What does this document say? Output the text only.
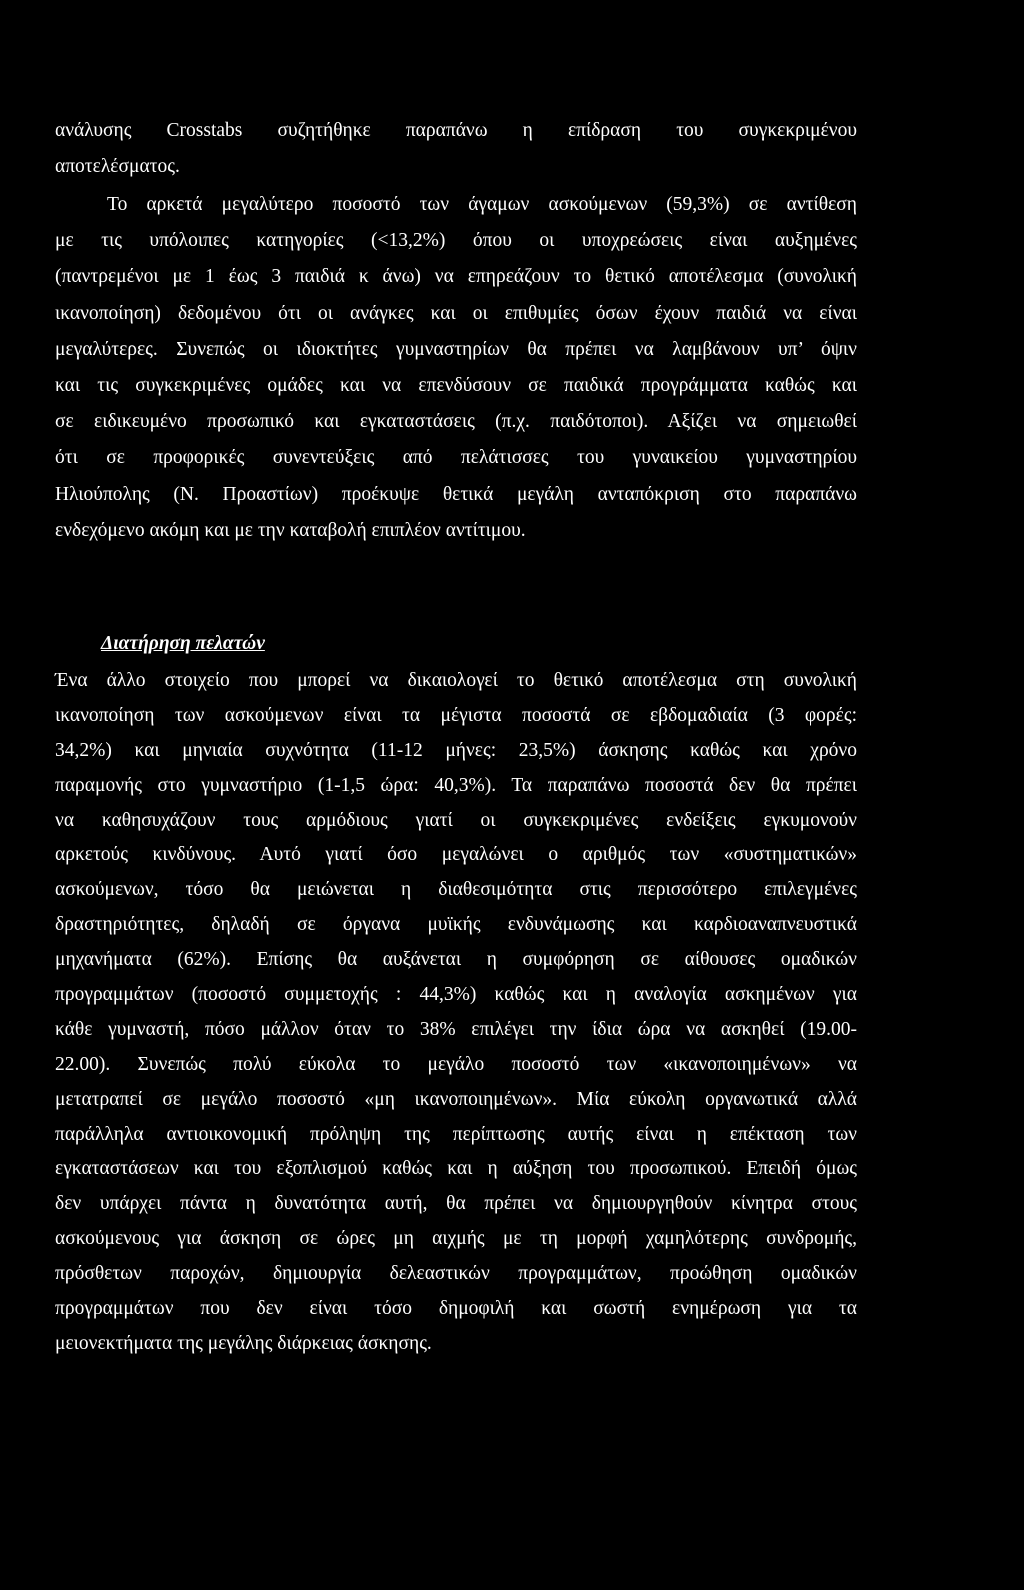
ανάλυσης Crosstabs συζητήθηκε παραπάνω η επίδραση του συγκεκριμένου
αποτελέσματος.
Το αρκετά μεγαλύτερο ποσοστό των άγαμων ασκούμενων (59,3%) σε αντίθεση
με τις υπόλοιπες κατηγορίες (<13,2%) όπου οι υποχρεώσεις είναι αυξημένες
(παντρεμένοι με 1 έως 3 παιδιά κ άνω) να επηρεάζουν το θετικό αποτέλεσμα (συνολική
ικανοποίηση) δεδομένου ότι οι ανάγκες και οι επιθυμίες όσων έχουν παιδιά να είναι
μεγαλύτερες. Συνεπώς οι ιδιοκτήτες γυμναστηρίων θα πρέπει να λαμβάνουν υπ’ όψιν
και τις συγκεκριμένες ομάδες και να επενδύσουν σε παιδικά προγράμματα καθώς και
σε ειδικευμένο προσωπικό και εγκαταστάσεις (π.χ. παιδότοποι). Αξίζει να σημειωθεί
ότι σε προφορικές συνεντεύξεις από πελάτισσες του γυναικείου γυμναστηρίου
Ηλιούπολης (Ν. Προαστίων) προέκυψε θετικά μεγάλη ανταπόκριση στο παραπάνω
ενδεχόμενο ακόμη και με την καταβολή επιπλέον αντίτιμου.
Διατήρηση πελατών
Ένα άλλο στοιχείο που μπορεί να δικαιολογεί το θετικό αποτέλεσμα στη συνολική
ικανοποίηση των ασκούμενων είναι τα μέγιστα ποσοστά σε εβδομαδιαία (3 φορές:
34,2%) και μηνιαία συχνότητα (11-12 μήνες: 23,5%) άσκησης καθώς και χρόνο
παραμονής στο γυμναστήριο (1-1,5 ώρα: 40,3%). Τα παραπάνω ποσοστά δεν θα πρέπει
να καθησυχάζουν τους αρμόδιους γιατί οι συγκεκριμένες ενδείξεις εγκυμονούν
αρκετούς κινδύνους. Αυτό γιατί όσο μεγαλώνει ο αριθμός των «συστηματικών»
ασκούμενων, τόσο θα μειώνεται η διαθεσιμότητα στις περισσότερο επιλεγμένες
δραστηριότητες, δηλαδή σε όργανα μυϊκής ενδυνάμωσης και καρδιοαναπνευστικά
μηχανήματα (62%). Επίσης θα αυξάνεται η συμφόρηση σε αίθουσες ομαδικών
προγραμμάτων (ποσοστό συμμετοχής : 44,3%) καθώς και η αναλογία ασκημένων για
κάθε γυμναστή, πόσο μάλλον όταν το 38% επιλέγει την ίδια ώρα να ασκηθεί (19.00-
22.00). Συνεπώς πολύ εύκολα το μεγάλο ποσοστό των «ικανοποιημένων» να
μετατραπεί σε μεγάλο ποσοστό «μη ικανοποιημένων». Μία εύκολη οργανωτικά αλλά
παράλληλα αντιοικονομική πρόληψη της περίπτωσης αυτής είναι η επέκταση των
εγκαταστάσεων και του εξοπλισμού καθώς και η αύξηση του προσωπικού. Επειδή όμως
δεν υπάρχει πάντα η δυνατότητα αυτή, θα πρέπει να δημιουργηθούν κίνητρα στους
ασκούμενους για άσκηση σε ώρες μη αιχμής με τη μορφή χαμηλότερης συνδρομής,
πρόσθετων παροχών, δημιουργία δελεαστικών προγραμμάτων, προώθηση ομαδικών
προγραμμάτων που δεν είναι τόσο δημοφιλή και σωστή ενημέρωση για τα
μειονεκτήματα της μεγάλης διάρκειας άσκησης.
